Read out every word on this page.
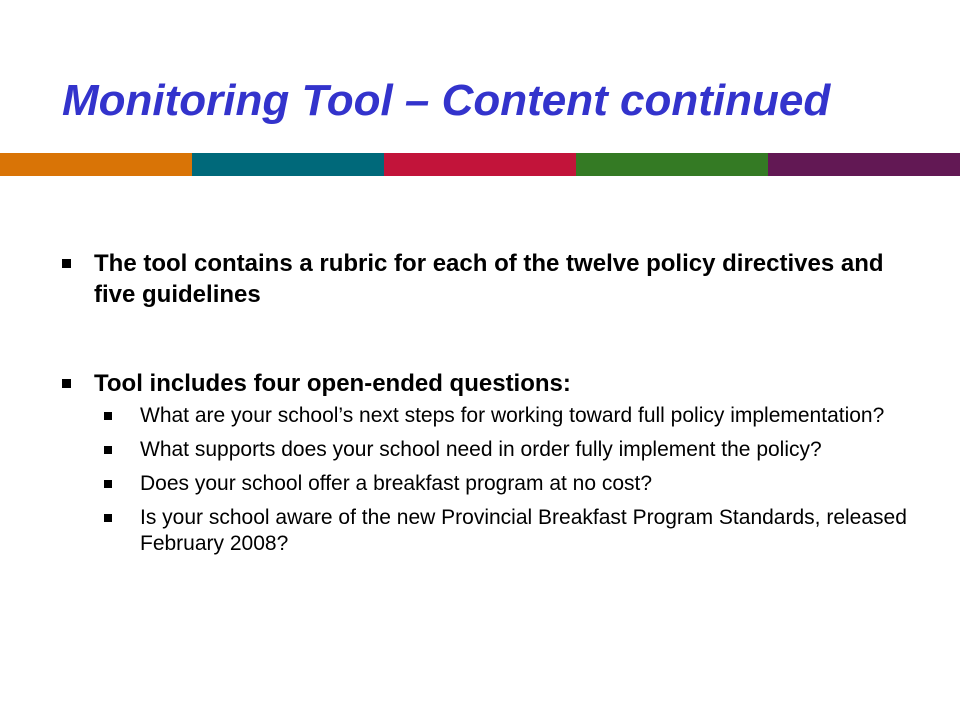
Monitoring Tool – Content continued
The tool contains a rubric for each of the twelve policy directives and five guidelines
Tool includes four open-ended questions:
What are your school’s next steps for working toward full policy implementation?
What supports does your school need in order fully implement the policy?
Does your school offer a breakfast program at no cost?
Is your school aware of the new Provincial Breakfast Program Standards, released February 2008?
